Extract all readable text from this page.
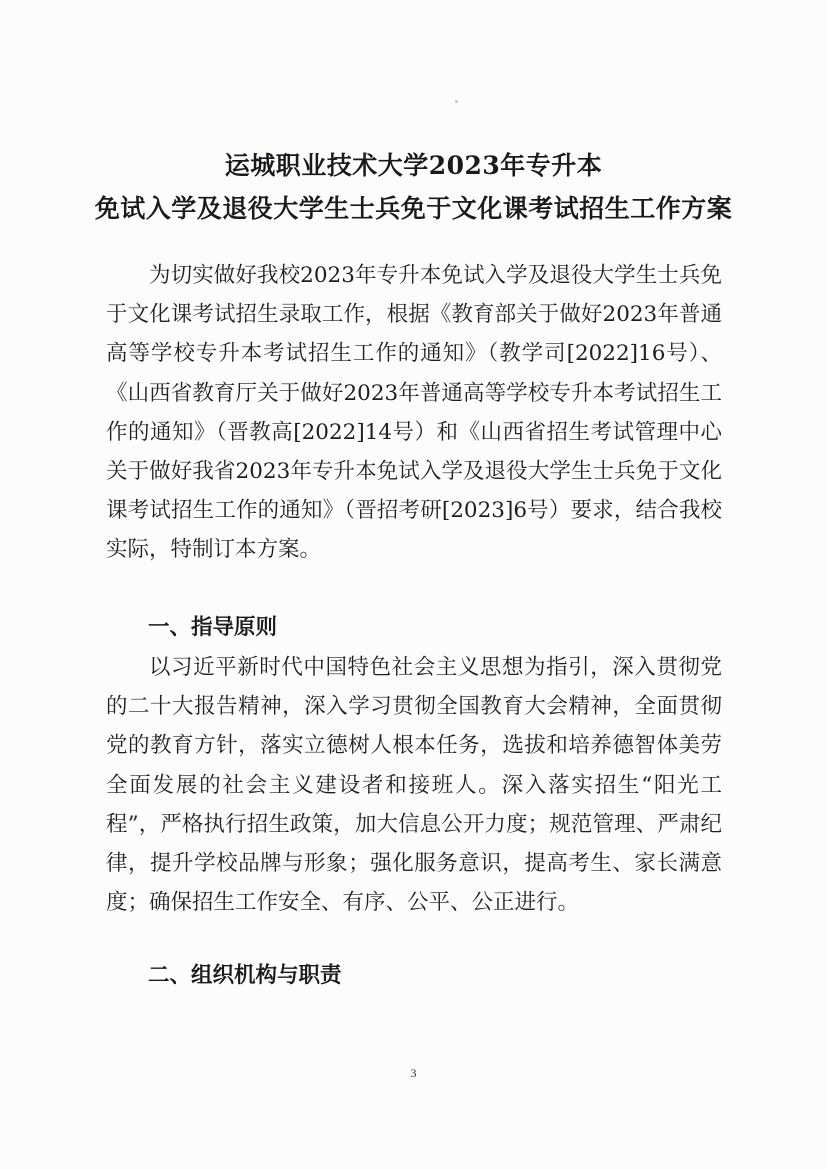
运城职业技术大学2023年专升本
免试入学及退役大学生士兵免于文化课考试招生工作方案

为切实做好我校2023年专升本免试入学及退役大学生士兵免于文化课考试招生录取工作，根据《教育部关于做好2023年普通高等学校专升本考试招生工作的通知》（教学司[2022]16号）、《山西省教育厅关于做好2023年普通高等学校专升本考试招生工作的通知》（晋教高[2022]14号）和《山西省招生考试管理中心关于做好我省2023年专升本免试入学及退役大学生士兵免于文化课考试招生工作的通知》（晋招考研[2023]6号）要求，结合我校实际，特制订本方案。

一、指导原则

以习近平新时代中国特色社会主义思想为指引，深入贯彻党的二十大报告精神，深入学习贯彻全国教育大会精神，全面贯彻党的教育方针，落实立德树人根本任务，选拔和培养德智体美劳全面发展的社会主义建设者和接班人。深入落实招生“阳光工程”，严格执行招生政策，加大信息公开力度；规范管理、严肃纪律，提升学校品牌与形象；强化服务意识，提高考生、家长满意度；确保招生工作安全、有序、公平、公正进行。

二、组织机构与职责
3
